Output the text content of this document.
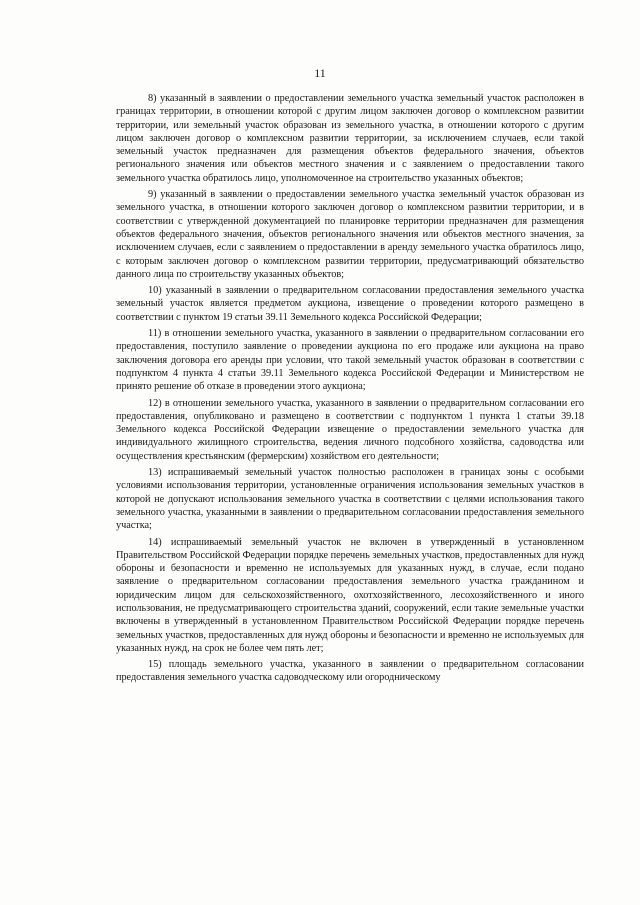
11

8) указанный в заявлении о предоставлении земельного участка земельный участок расположен в границах территории, в отношении которой с другим лицом заключен договор о комплексном развитии территории, или земельный участок образован из земельного участка, в отношении которого с другим лицом заключен договор о комплексном развитии территории, за исключением случаев, если такой земельный участок предназначен для размещения объектов федерального значения, объектов регионального значения или объектов местного значения и с заявлением о предоставлении такого земельного участка обратилось лицо, уполномоченное на строительство указанных объектов;

9) указанный в заявлении о предоставлении земельного участка земельный участок образован из земельного участка, в отношении которого заключен договор о комплексном развитии территории, и в соответствии с утвержденной документацией по планировке территории предназначен для размещения объектов федерального значения, объектов регионального значения или объектов местного значения, за исключением случаев, если с заявлением о предоставлении в аренду земельного участка обратилось лицо, с которым заключен договор о комплексном развитии территории, предусматривающий обязательство данного лица по строительству указанных объектов;

10) указанный в заявлении о предварительном согласовании предоставления земельного участка земельный участок является предметом аукциона, извещение о проведении которого размещено в соответствии с пунктом 19 статьи 39.11 Земельного кодекса Российской Федерации;

11) в отношении земельного участка, указанного в заявлении о предварительном согласовании его предоставления, поступило заявление о проведении аукциона по его продаже или аукциона на право заключения договора его аренды при условии, что такой земельный участок образован в соответствии с подпунктом 4 пункта 4 статьи 39.11 Земельного кодекса Российской Федерации и Министерством не принято решение об отказе в проведении этого аукциона;

12) в отношении земельного участка, указанного в заявлении о предварительном согласовании его предоставления, опубликовано и размещено в соответствии с подпунктом 1 пункта 1 статьи 39.18 Земельного кодекса Российской Федерации извещение о предоставлении земельного участка для индивидуального жилищного строительства, ведения личного подсобного хозяйства, садоводства или осуществления крестьянским (фермерским) хозяйством его деятельности;

13) испрашиваемый земельный участок полностью расположен в границах зоны с особыми условиями использования территории, установленные ограничения использования земельных участков в которой не допускают использования земельного участка в соответствии с целями использования такого земельного участка, указанными в заявлении о предварительном согласовании предоставления земельного участка;

14) испрашиваемый земельный участок не включен в утвержденный в установленном Правительством Российской Федерации порядке перечень земельных участков, предоставленных для нужд обороны и безопасности и временно не используемых для указанных нужд, в случае, если подано заявление о предварительном согласовании предоставления земельного участка гражданином и юридическим лицом для сельскохозяйственного, охотхозяйственного, лесохозяйственного и иного использования, не предусматривающего строительства зданий, сооружений, если такие земельные участки включены в утвержденный в установленном Правительством Российской Федерации порядке перечень земельных участков, предоставленных для нужд обороны и безопасности и временно не используемых для указанных нужд, на срок не более чем пять лет;

15) площадь земельного участка, указанного в заявлении о предварительном согласовании предоставления земельного участка садоводческому или огородническому
